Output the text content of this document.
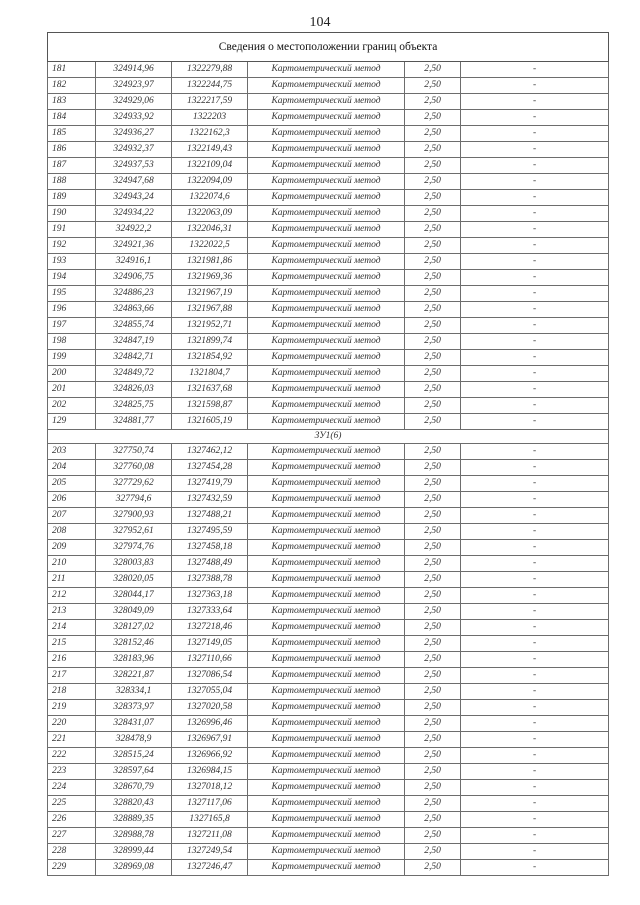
104
Сведения о местоположении границ объекта					
181	324914,96	1322279,88	Картометрический метод	2,50	-
182	324923,97	1322244,75	Картометрический метод	2,50	-
183	324929,06	1322217,59	Картометрический метод	2,50	-
184	324933,92	1322203	Картометрический метод	2,50	-
185	324936,27	1322162,3	Картометрический метод	2,50	-
186	324932,37	1322149,43	Картометрический метод	2,50	-
187	324937,53	1322109,04	Картометрический метод	2,50	-
188	324947,68	1322094,09	Картометрический метод	2,50	-
189	324943,24	1322074,6	Картометрический метод	2,50	-
190	324934,22	1322063,09	Картометрический метод	2,50	-
191	324922,2	1322046,31	Картометрический метод	2,50	-
192	324921,36	1322022,5	Картометрический метод	2,50	-
193	324916,1	1321981,86	Картометрический метод	2,50	-
194	324906,75	1321969,36	Картометрический метод	2,50	-
195	324886,23	1321967,19	Картометрический метод	2,50	-
196	324863,66	1321967,88	Картометрический метод	2,50	-
197	324855,74	1321952,71	Картометрический метод	2,50	-
198	324847,19	1321899,74	Картометрический метод	2,50	-
199	324842,71	1321854,92	Картометрический метод	2,50	-
200	324849,72	1321804,7	Картометрический метод	2,50	-
201	324826,03	1321637,68	Картометрический метод	2,50	-
202	324825,75	1321598,87	Картометрический метод	2,50	-
129	324881,77	1321605,19	Картометрический метод	2,50	-
ЗУ1(6)					
203	327750,74	1327462,12	Картометрический метод	2,50	-
204	327760,08	1327454,28	Картометрический метод	2,50	-
205	327729,62	1327419,79	Картометрический метод	2,50	-
206	327794,6	1327432,59	Картометрический метод	2,50	-
207	327900,93	1327488,21	Картометрический метод	2,50	-
208	327952,61	1327495,59	Картометрический метод	2,50	-
209	327974,76	1327458,18	Картометрический метод	2,50	-
210	328003,83	1327488,49	Картометрический метод	2,50	-
211	328020,05	1327388,78	Картометрический метод	2,50	-
212	328044,17	1327363,18	Картометрический метод	2,50	-
213	328049,09	1327333,64	Картометрический метод	2,50	-
214	328127,02	1327218,46	Картометрический метод	2,50	-
215	328152,46	1327149,05	Картометрический метод	2,50	-
216	328183,96	1327110,66	Картометрический метод	2,50	-
217	328221,87	1327086,54	Картометрический метод	2,50	-
218	328334,1	1327055,04	Картометрический метод	2,50	-
219	328373,97	1327020,58	Картометрический метод	2,50	-
220	328431,07	1326996,46	Картометрический метод	2,50	-
221	328478,9	1326967,91	Картометрический метод	2,50	-
222	328515,24	1326966,92	Картометрический метод	2,50	-
223	328597,64	1326984,15	Картометрический метод	2,50	-
224	328670,79	1327018,12	Картометрический метод	2,50	-
225	328820,43	1327117,06	Картометрический метод	2,50	-
226	328889,35	1327165,8	Картометрический метод	2,50	-
227	328988,78	1327211,08	Картометрический метод	2,50	-
228	328999,44	1327249,54	Картометрический метод	2,50	-
229	328969,08	1327246,47	Картометрический метод	2,50	-
